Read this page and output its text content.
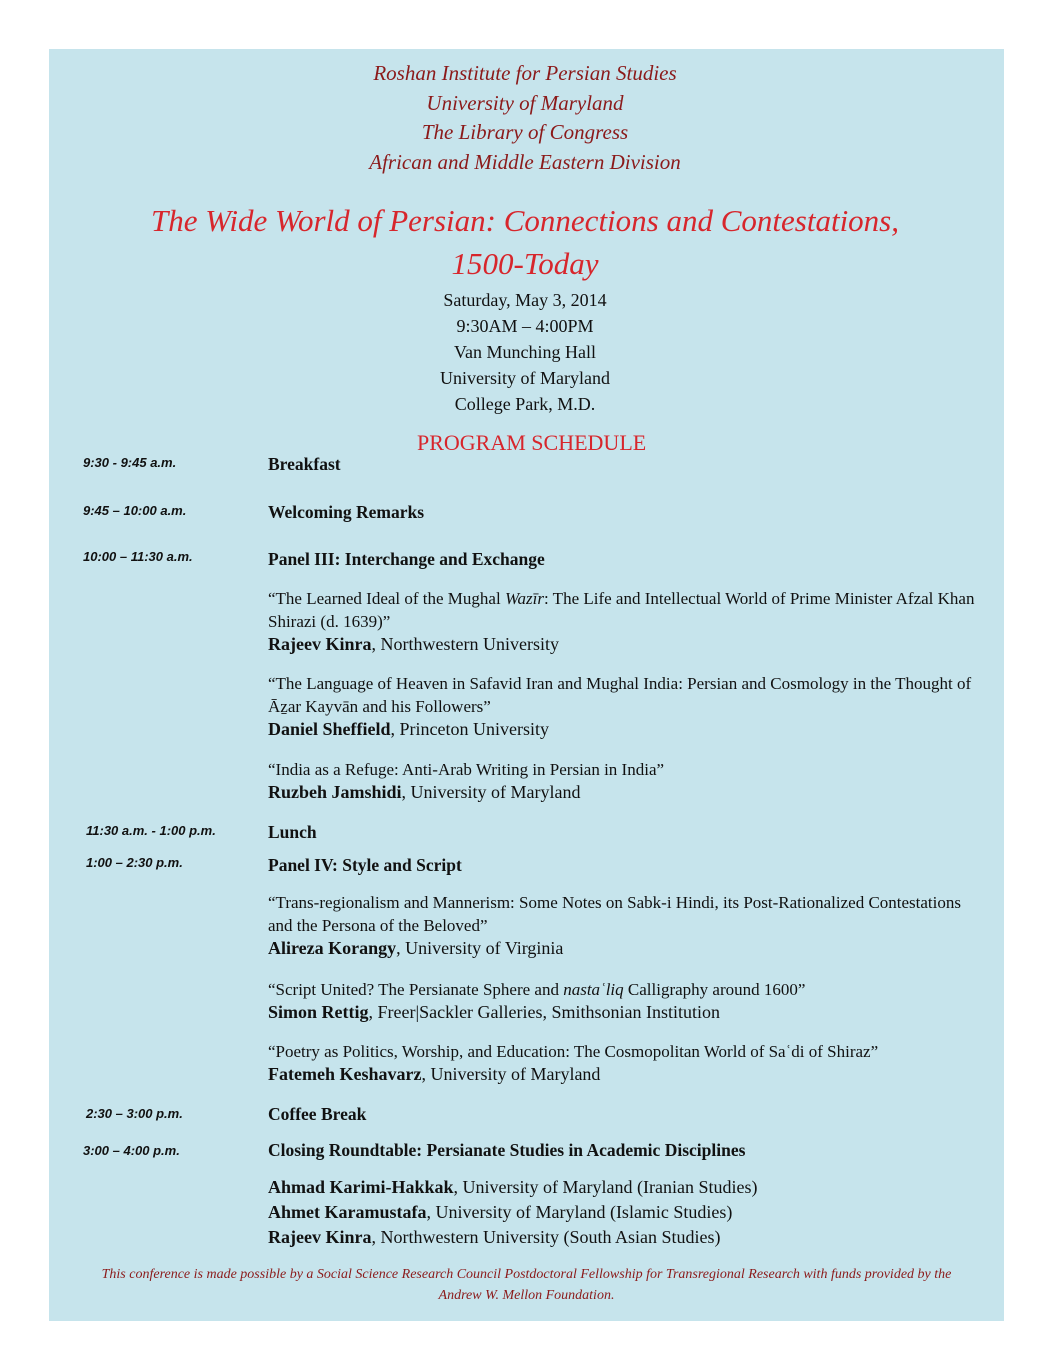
Roshan Institute for Persian Studies
University of Maryland
The Library of Congress
African and Middle Eastern Division
The Wide World of Persian: Connections and Contestations,
1500-Today
Saturday, May 3, 2014
9:30AM – 4:00PM
Van Munching Hall
University of Maryland
College Park, M.D.
PROGRAM SCHEDULE
9:30 - 9:45 a.m.	Breakfast
9:45 – 10:00 a.m.	Welcoming Remarks
10:00 – 11:30 a.m.	Panel III: Interchange and Exchange
“The Learned Ideal of the Mughal Wazīr: The Life and Intellectual World of Prime Minister Afzal Khan Shirazi (d. 1639)”
Rajeev Kinra, Northwestern University
“The Language of Heaven in Safavid Iran and Mughal India: Persian and Cosmology in the Thought of Āẕar Kayvān and his Followers”
Daniel Sheffield, Princeton University
“India as a Refuge: Anti-Arab Writing in Persian in India”
Ruzbeh Jamshidi, University of Maryland
11:30 a.m. - 1:00 p.m.	Lunch
1:00 – 2:30 p.m.	Panel IV: Style and Script
“Trans-regionalism and Mannerism: Some Notes on Sabk-i Hindi, its Post-Rationalized Contestations and the Persona of the Beloved”
Alireza Korangy, University of Virginia
“Script United? The Persianate Sphere and nastaʿliq Calligraphy around 1600”
Simon Rettig, Freer|Sackler Galleries, Smithsonian Institution
“Poetry as Politics, Worship, and Education: The Cosmopolitan World of Saʿdi of Shiraz”
Fatemeh Keshavarz, University of Maryland
2:30 – 3:00 p.m.	Coffee Break
3:00 – 4:00 p.m.	Closing Roundtable: Persianate Studies in Academic Disciplines
Ahmad Karimi-Hakkak, University of Maryland (Iranian Studies)
Ahmet Karamustafa, University of Maryland (Islamic Studies)
Rajeev Kinra, Northwestern University (South Asian Studies)
This conference is made possible by a Social Science Research Council Postdoctoral Fellowship for Transregional Research with funds provided by the Andrew W. Mellon Foundation.
